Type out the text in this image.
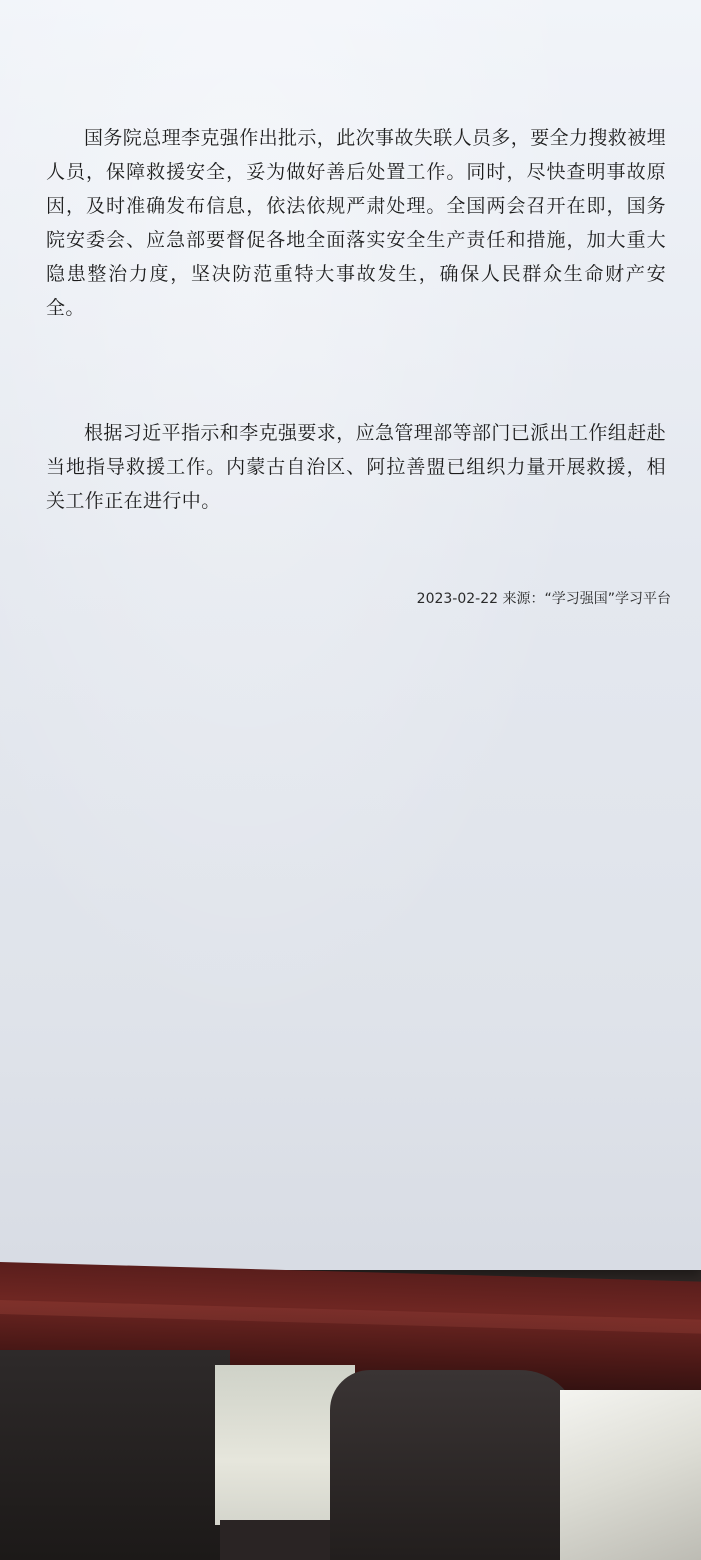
国务院总理李克强作出批示，此次事故失联人员多，要全力搜救被埋人员，保障救援安全，妥为做好善后处置工作。同时，尽快查明事故原因，及时准确发布信息，依法依规严肃处理。全国两会召开在即，国务院安委会、应急部要督促各地全面落实安全生产责任和措施，加大重大隐患整治力度，坚决防范重特大事故发生，确保人民群众生命财产安全。

根据习近平指示和李克强要求，应急管理部等部门已派出工作组赶赴当地指导救援工作。内蒙古自治区、阿拉善盟已组织力量开展救援，相关工作正在进行中。

2023-02-22 来源：“学习强国”学习平台
